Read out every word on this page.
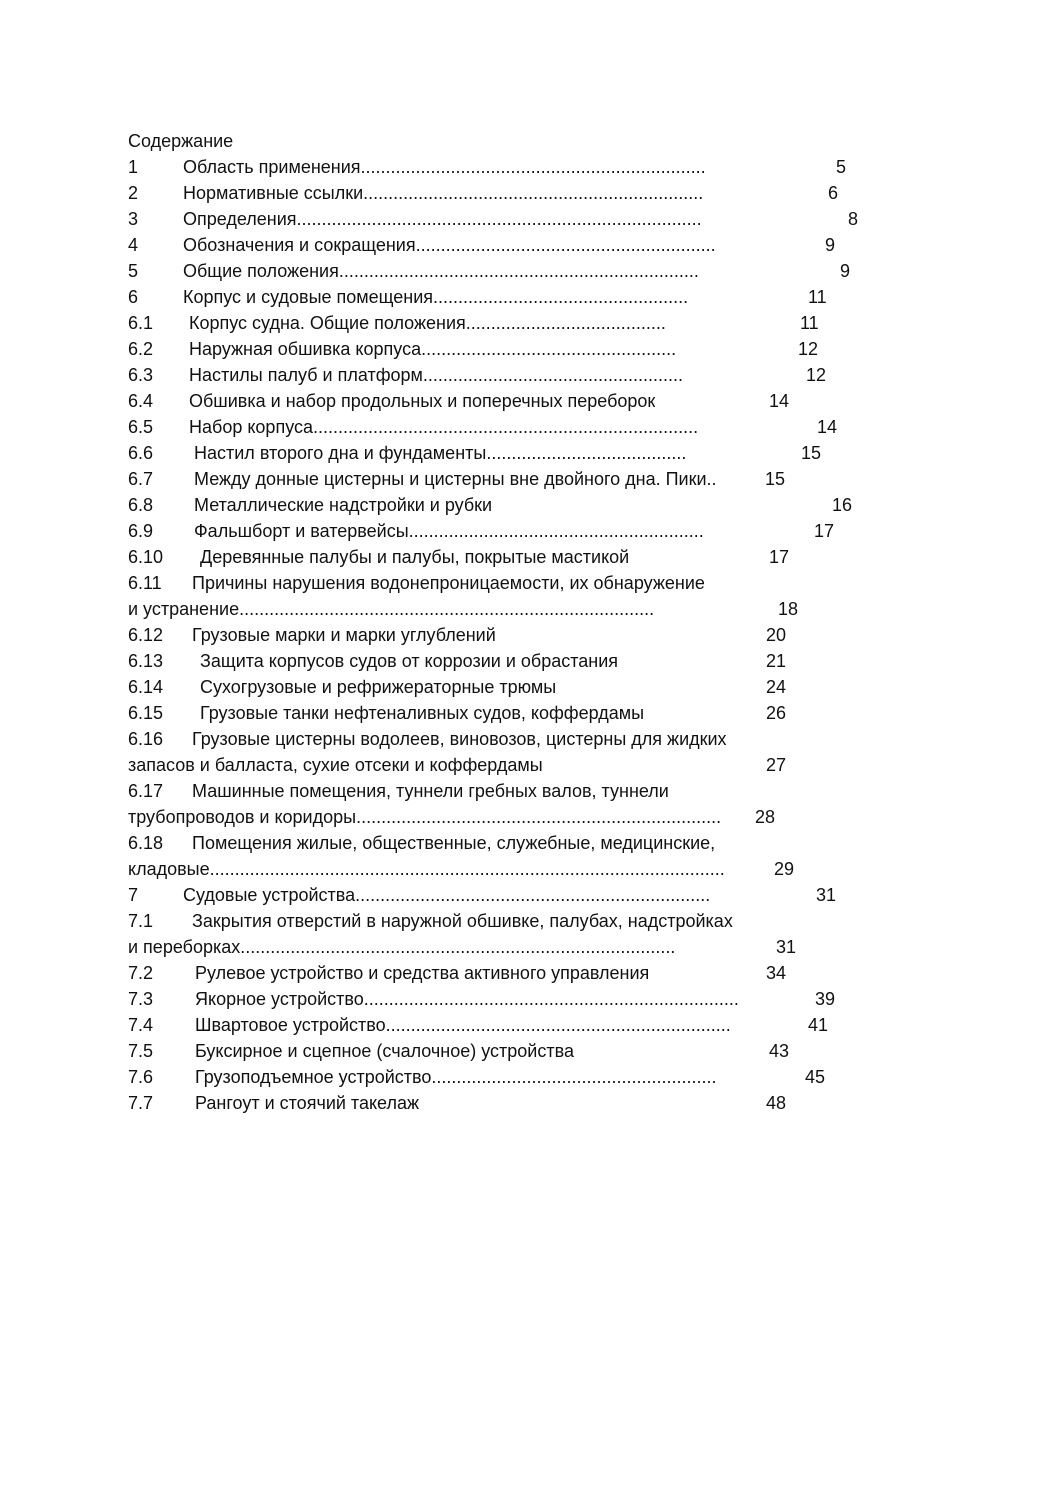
Содержание
1 Область применения.....................................................................	5
2 Нормативные ссылки....................................................................	6
3 Определения.................................................................................	8
4 Обозначения и сокращения............................................................	9
5 Общие положения........................................................................	9
6 Корпус и судовые помещения...................................................	11
6.1 Корпус судна. Общие положения........................................	11
6.2 Наружная обшивка корпуса...................................................	12
6.3 Настилы палуб и платформ....................................................	12
6.4 Обшивка и набор продольных и поперечных переборок	14
6.5 Набор корпуса.............................................................................	14
6.6 Настил второго дна и фундаменты........................................	15
6.7 Между донные цистерны и цистерны вне двойного дна. Пики..	15
6.8 Металлические надстройки и рубки	16
6.9 Фальшборт и ватервейсы...........................................................	17
6.10 Деревянные палубы и палубы, покрытые мастикой	17
6.11 Причины нарушения водонепроницаемости, их обнаружение
и устранение...................................................................................	18
6.12 Грузовые марки и марки углублений	20
6.13 Защита корпусов судов от коррозии и обрастания	21
6.14 Сухогрузовые и рефрижераторные трюмы	24
6.15 Грузовые танки нефтеналивных судов, коффердамы	26
6.16 Грузовые цистерны водолеев, виновозов, цистерны для жидких
запасов и балласта, сухие отсеки и коффердамы	27
6.17 Машинные помещения, туннели гребных валов, туннели
трубопроводов и коридоры......................................................................... 28
6.18 Помещения жилые, общественные, служебные, медицинские,
кладовые.......................................................................................................	29
7 Судовые устройства.......................................................................	31
7.1 Закрытия отверстий в наружной обшивке, палубах, надстройках
и переборках.......................................................................................	31
7.2 Рулевое устройство и средства активного управления	34
7.3 Якорное устройство...........................................................................	39
7.4 Швартовое устройство.....................................................................	41
7.5 Буксирное и сцепное (счалочное) устройства	43
7.6 Грузоподъемное устройство.........................................................	45
7.7 Рангоут и стоячий такелаж	48
